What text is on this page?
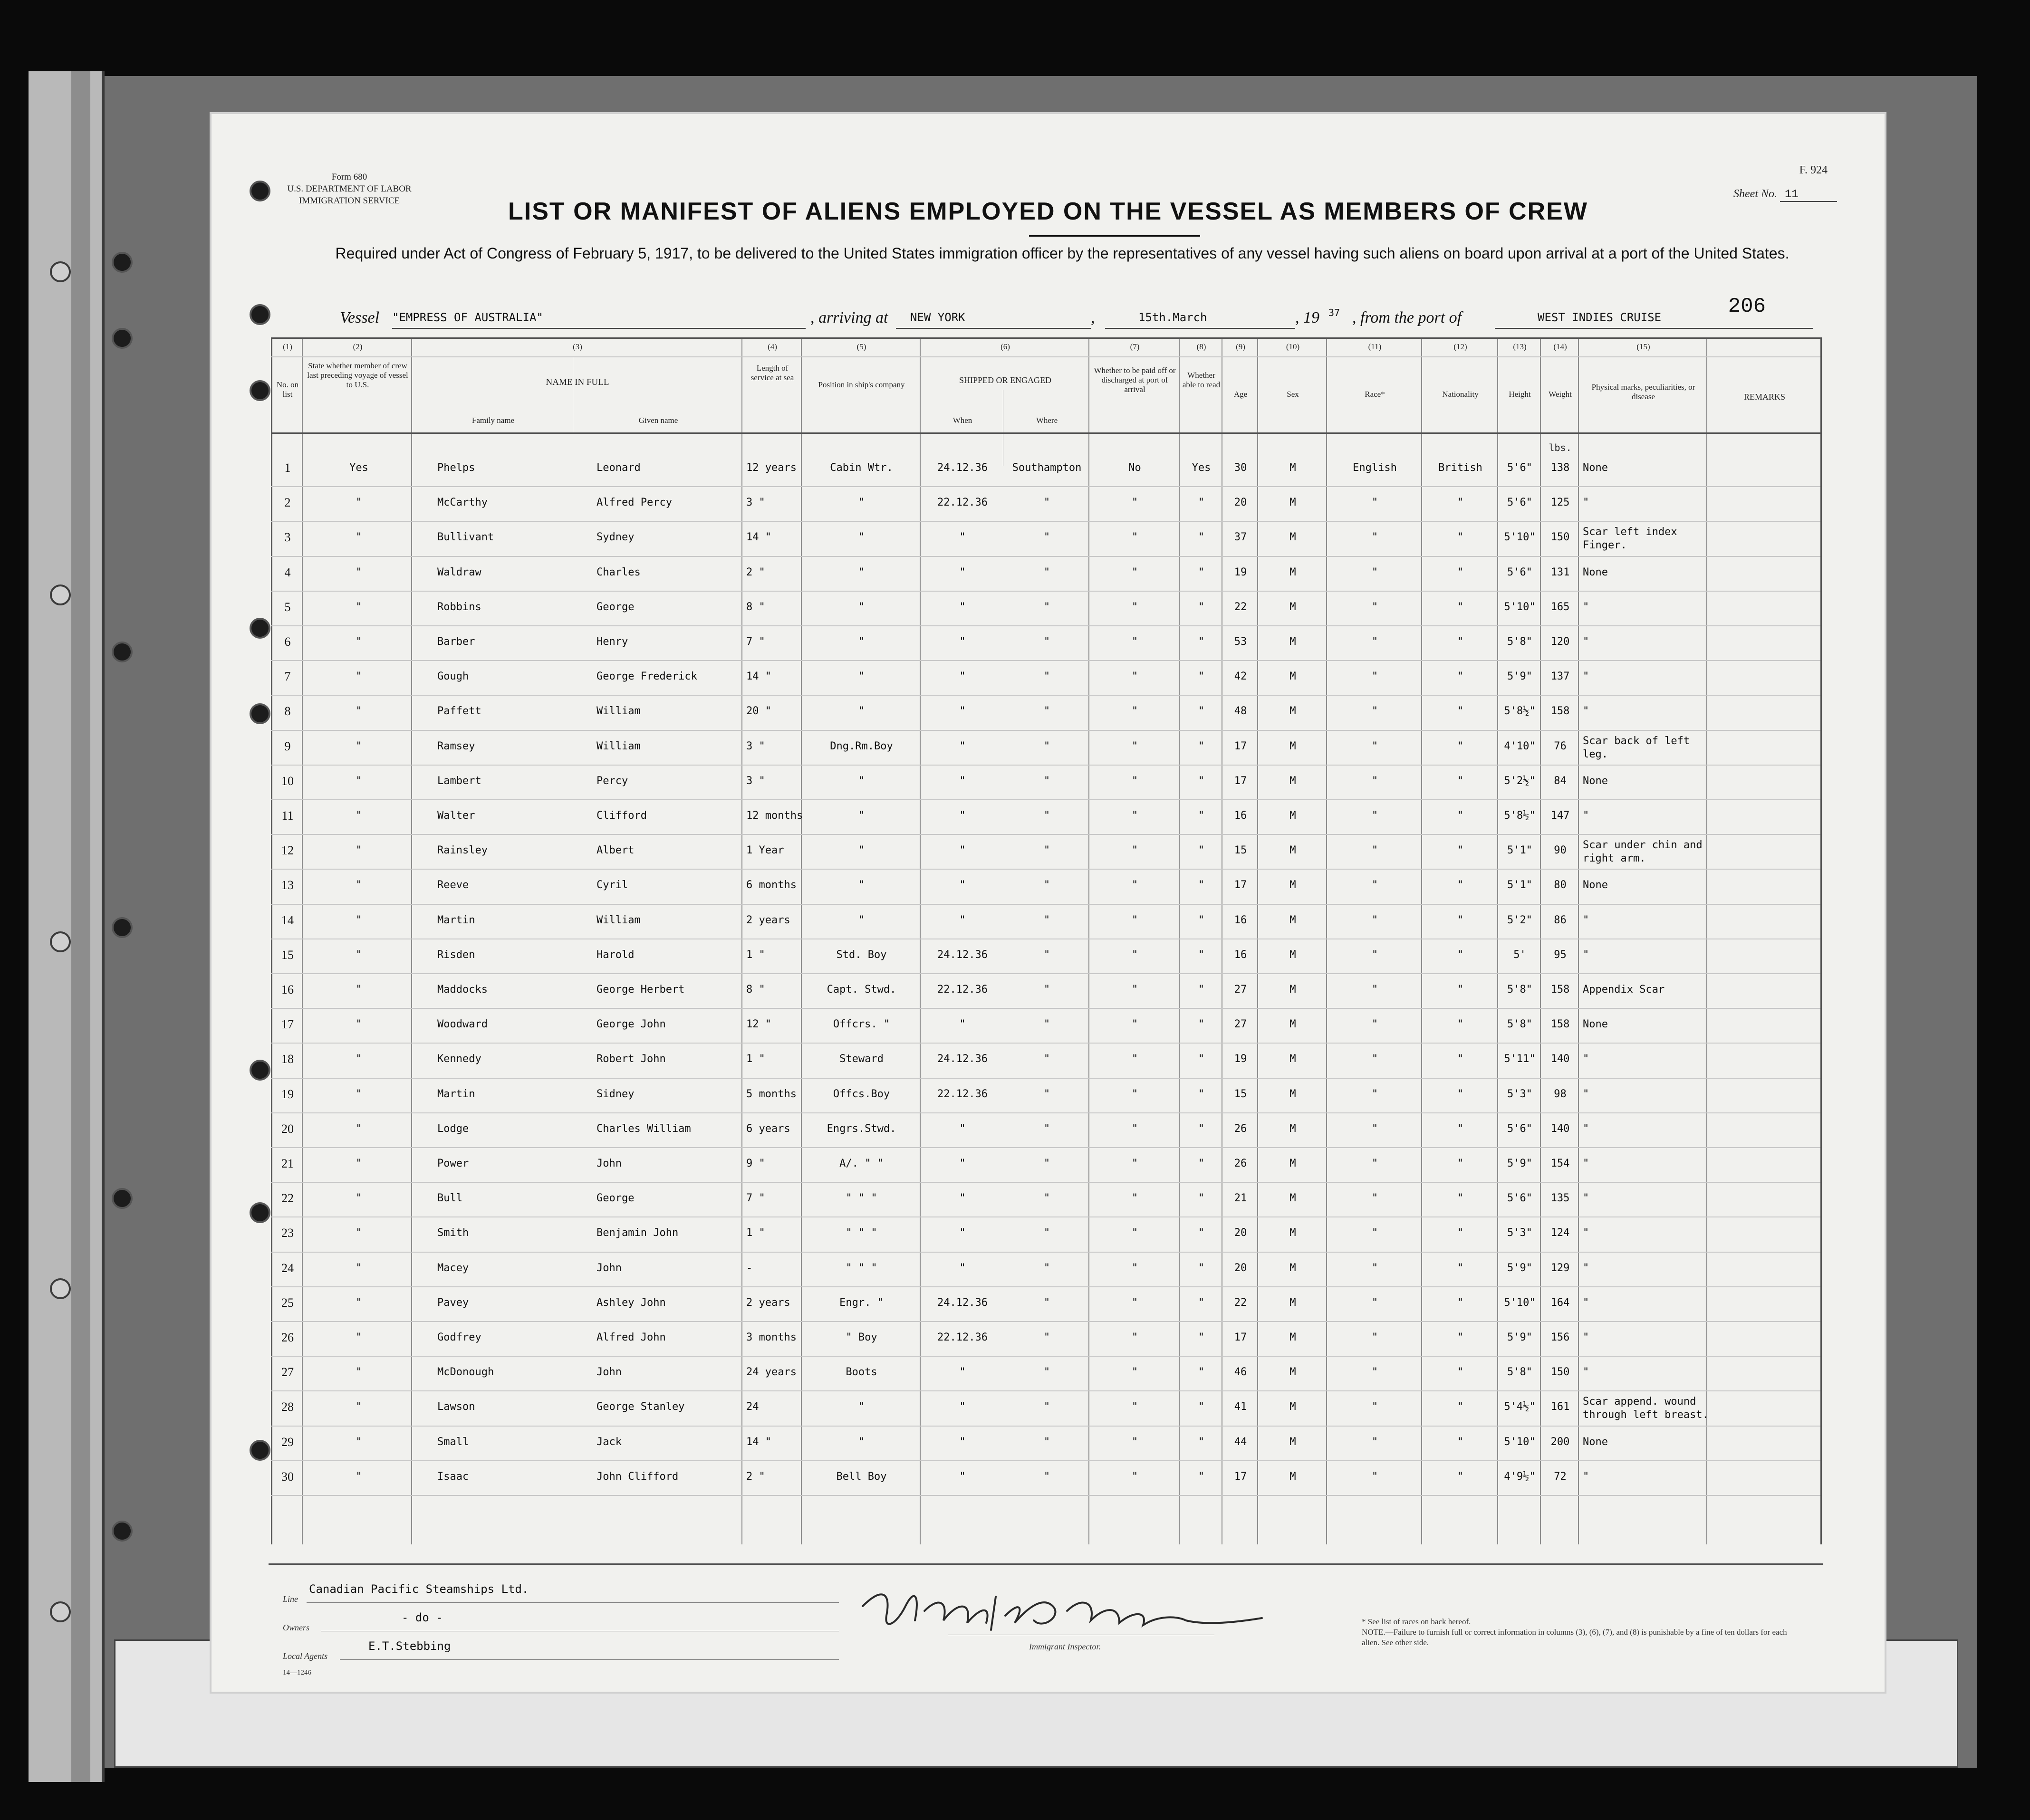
Form 680
U.S. DEPARTMENT OF LABOR
IMMIGRATION SERVICE
F. 924
Sheet No. 11
LIST OR MANIFEST OF ALIENS EMPLOYED ON THE VESSEL AS MEMBERS OF CREW
Required under Act of Congress of February 5, 1917, to be delivered to the United States immigration officer by the representatives of any vessel having such aliens on board upon arrival at a port of the United States.
Vessel "EMPRESS OF AUSTRALIA"	, arriving at	NEW YORK	,	15th.March	, 19 37 , from the port of	WEST INDIES CRUISE	206
(1)
No. on list
(2)
State whether member of crew last preceding voyage of vessel to U.S.
(3)
NAME IN FULL
Family name	Given name
(4)
Length of service at sea
(5)
Position in ship's company
(6)
SHIPPED OR ENGAGED
When	Where
(7)
Whether to be paid off or discharged at port of arrival
(8)
Whether able to read
(9)
Age
(10)
Sex
(11)
Race*
(12)
Nationality
(13)
Height
(14)
Weight
(15)
Physical marks, peculiarities, or disease	REMARKS
lbs.
1	Yes	Phelps	Leonard	12 years	Cabin Wtr.	24.12.36	Southampton	No	Yes	30	M	English	British	5'6"	138	None
2	"	McCarthy	Alfred Percy	3 "	"	22.12.36	"	"	"	20	M	"	"	5'6"	125	"
3	"	Bullivant	Sydney	14 "	"	"	"	"	"	37	M	"	"	5'10"	150	Scar left index Finger.
4	"	Waldraw	Charles	2 "	"	"	"	"	"	19	M	"	"	5'6"	131	None
5	"	Robbins	George	8 "	"	"	"	"	"	22	M	"	"	5'10"	165	"
6	"	Barber	Henry	7 "	"	"	"	"	"	53	M	"	"	5'8"	120	"
7	"	Gough	George Frederick	14 "	"	"	"	"	"	42	M	"	"	5'9"	137	"
8	"	Paffett	William	20 "	"	"	"	"	"	48	M	"	"	5'8½"	158	"
9	"	Ramsey	William	3 "	Dng.Rm.Boy	"	"	"	"	17	M	"	"	4'10"	76	Scar back of left leg.
10	"	Lambert	Percy	3 "	"	"	"	"	"	17	M	"	"	5'2½"	84	None
11	"	Walter	Clifford	12 months	"	"	"	"	"	16	M	"	"	5'8½"	147	"
12	"	Rainsley	Albert	1 Year	"	"	"	"	"	15	M	"	"	5'1"	90	Scar under chin and right arm.
13	"	Reeve	Cyril	6 months	"	"	"	"	"	17	M	"	"	5'1"	80	None
14	"	Martin	William	2 years	"	"	"	"	"	16	M	"	"	5'2"	86	"
15	"	Risden	Harold	1 "	Std. Boy	24.12.36	"	"	"	16	M	"	"	5'	95	"
16	"	Maddocks	George Herbert	8 "	Capt. Stwd.	22.12.36	"	"	"	27	M	"	"	5'8"	158	Appendix Scar
17	"	Woodward	George John	12 "	Offcrs. "	"	"	"	"	27	M	"	"	5'8"	158	None
18	"	Kennedy	Robert John	1 "	Steward	24.12.36	"	"	"	19	M	"	"	5'11"	140	"
19	"	Martin	Sidney	5 months	Offcs.Boy	22.12.36	"	"	"	15	M	"	"	5'3"	98	"
20	"	Lodge	Charles William	6 years	Engrs.Stwd.	"	"	"	"	26	M	"	"	5'6"	140	"
21	"	Power	John	9 "	A/. " "	"	"	"	"	26	M	"	"	5'9"	154	"
22	"	Bull	George	7 "	" " "	"	"	"	"	21	M	"	"	5'6"	135	"
23	"	Smith	Benjamin John	1 "	" " "	"	"	"	"	20	M	"	"	5'3"	124	"
24	"	Macey	John	-	" " "	"	"	"	"	20	M	"	"	5'9"	129	"
25	"	Pavey	Ashley John	2 years	Engr. "	24.12.36	"	"	"	22	M	"	"	5'10"	164	"
26	"	Godfrey	Alfred John	3 months	" Boy	22.12.36	"	"	"	17	M	"	"	5'9"	156	"
27	"	McDonough	John	24 years	Boots	"	"	"	"	46	M	"	"	5'8"	150	"
28	"	Lawson	George Stanley	24	"	"	"	"	"	41	M	"	"	5'4½"	161	Scar append. wound through left breast.
29	"	Small	Jack	14 "	"	"	"	"	"	44	M	"	"	5'10"	200	None
30	"	Isaac	John Clifford	2 "	Bell Boy	"	"	"	"	17	M	"	"	4'9½"	72	"
Line
Canadian Pacific Steamships Ltd.
Owners
- do -
Local Agents
E.T.Stebbing
14—1246
Immigrant Inspector.
* See list of races on back hereof.
NOTE.—Failure to furnish full or correct information in columns (3), (6), (7), and (8) is punishable by a fine of ten dollars for each alien. See other side.
